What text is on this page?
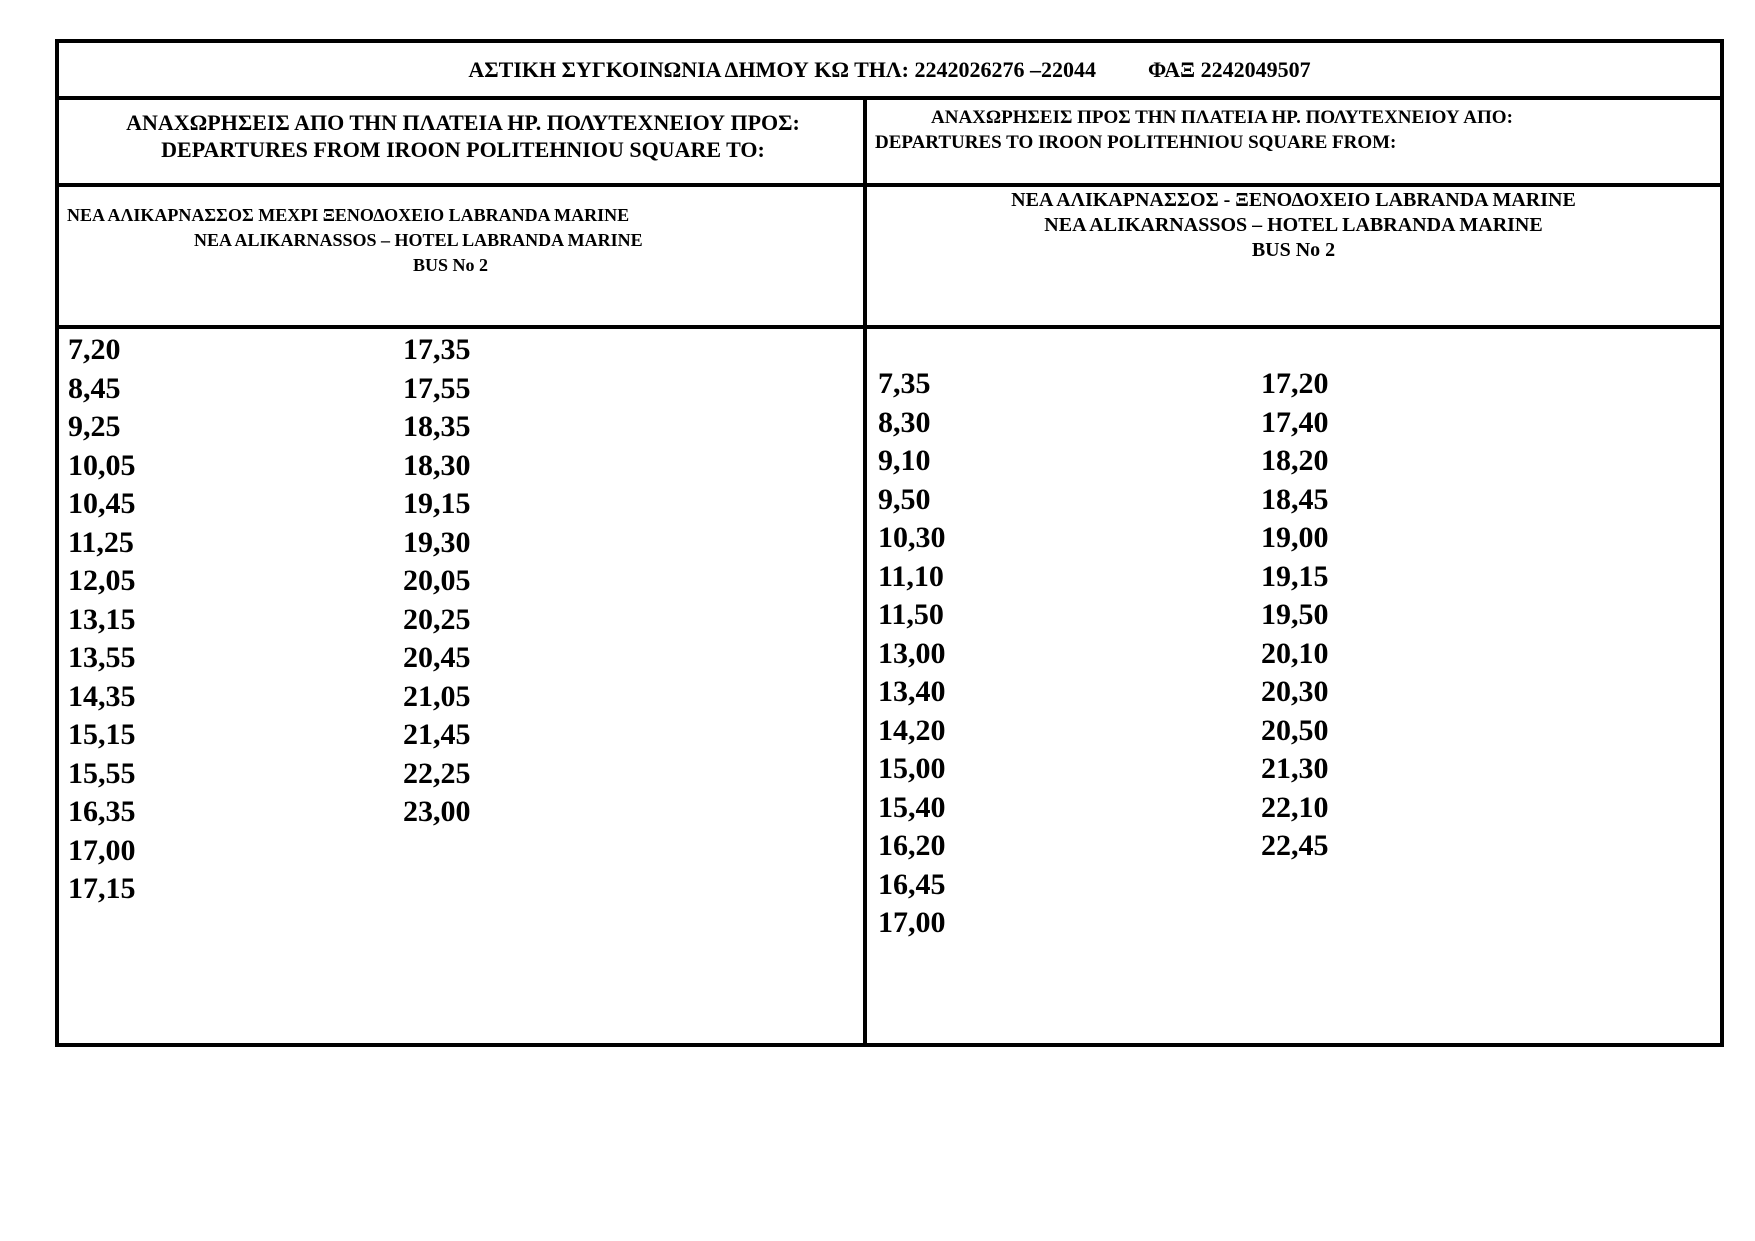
ΑΣΤΙΚΗ ΣΥΓΚΟΙΝΩΝΙΑ ΔΗΜΟΥ ΚΩ ΤΗΛ: 2242026276 –22044 ΦΑΞ 2242049507
ΑΝΑΧΩΡΗΣΕΙΣ ΑΠΟ ΤΗΝ ΠΛΑΤΕΙΑ ΗΡ. ΠΟΛΥΤΕΧΝΕΙΟΥ ΠΡΟΣ:
DEPARTURES FROM IROON POLITEHNIOU SQUARE TO:
ΑΝΑΧΩΡΗΣΕΙΣ ΠΡΟΣ ΤΗΝ ΠΛΑΤΕΙΑ ΗΡ. ΠΟΛΥΤΕΧΝΕΙΟΥ ΑΠΟ:
DEPARTURES TO IROON POLITEHNIOU SQUARE FROM:
ΝΕΑ ΑΛΙΚΑΡΝΑΣΣΟΣ ΜΕΧΡΙ ΞΕΝΟΔΟΧΕΙΟ LABRANDA MARINE
NEA ALIKARNASSOS – HOTEL LABRANDA MARINE
BUS No 2
ΝΕΑ ΑΛΙΚΑΡΝΑΣΣΟΣ - ΞΕΝΟΔΟΧΕΙΟ LABRANDA MARINE
NEA ALIKARNASSOS – HOTEL LABRANDA MARINE
BUS No 2
7,20
8,45
9,25
10,05
10,45
11,25
12,05
13,15
13,55
14,35
15,15
15,55
16,35
17,00
17,15
17,35
17,55
18,35
18,30
19,15
19,30
20,05
20,25
20,45
21,05
21,45
22,25
23,00
7,35
8,30
9,10
9,50
10,30
11,10
11,50
13,00
13,40
14,20
15,00
15,40
16,20
16,45
17,00
17,20
17,40
18,20
18,45
19,00
19,15
19,50
20,10
20,30
20,50
21,30
22,10
22,45
